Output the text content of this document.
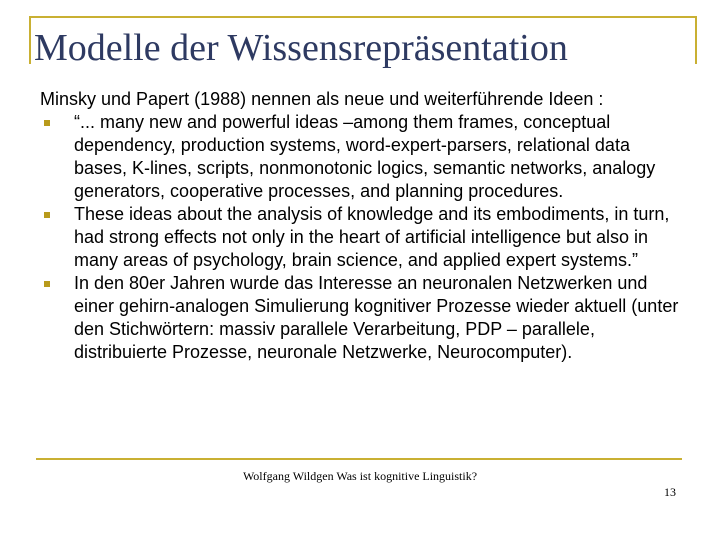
Modelle der Wissensrepräsentation

Minsky und Papert (1988) nennen als neue und weiterführende Ideen :

“... many new and powerful ideas –among them frames, conceptual dependency, production systems, word-expert-parsers, relational data bases, K-lines, scripts, nonmonotonic logics, semantic networks, analogy generators, cooperative processes, and planning procedures.
These ideas about the analysis of knowledge and its embodiments, in turn, had strong effects not only in the heart of artificial intelligence but also in many areas of psychology, brain science, and applied expert systems.”
In den 80er Jahren wurde das Interesse an neuronalen Netzwerken und einer gehirn-analogen Simulierung kognitiver Prozesse wieder aktuell (unter den Stichwörtern: massiv parallele Verarbeitung, PDP – parallele, distribuierte Prozesse, neuronale Netzwerke, Neurocomputer).
Wolfgang Wildgen Was ist kognitive Linguistik?
13
